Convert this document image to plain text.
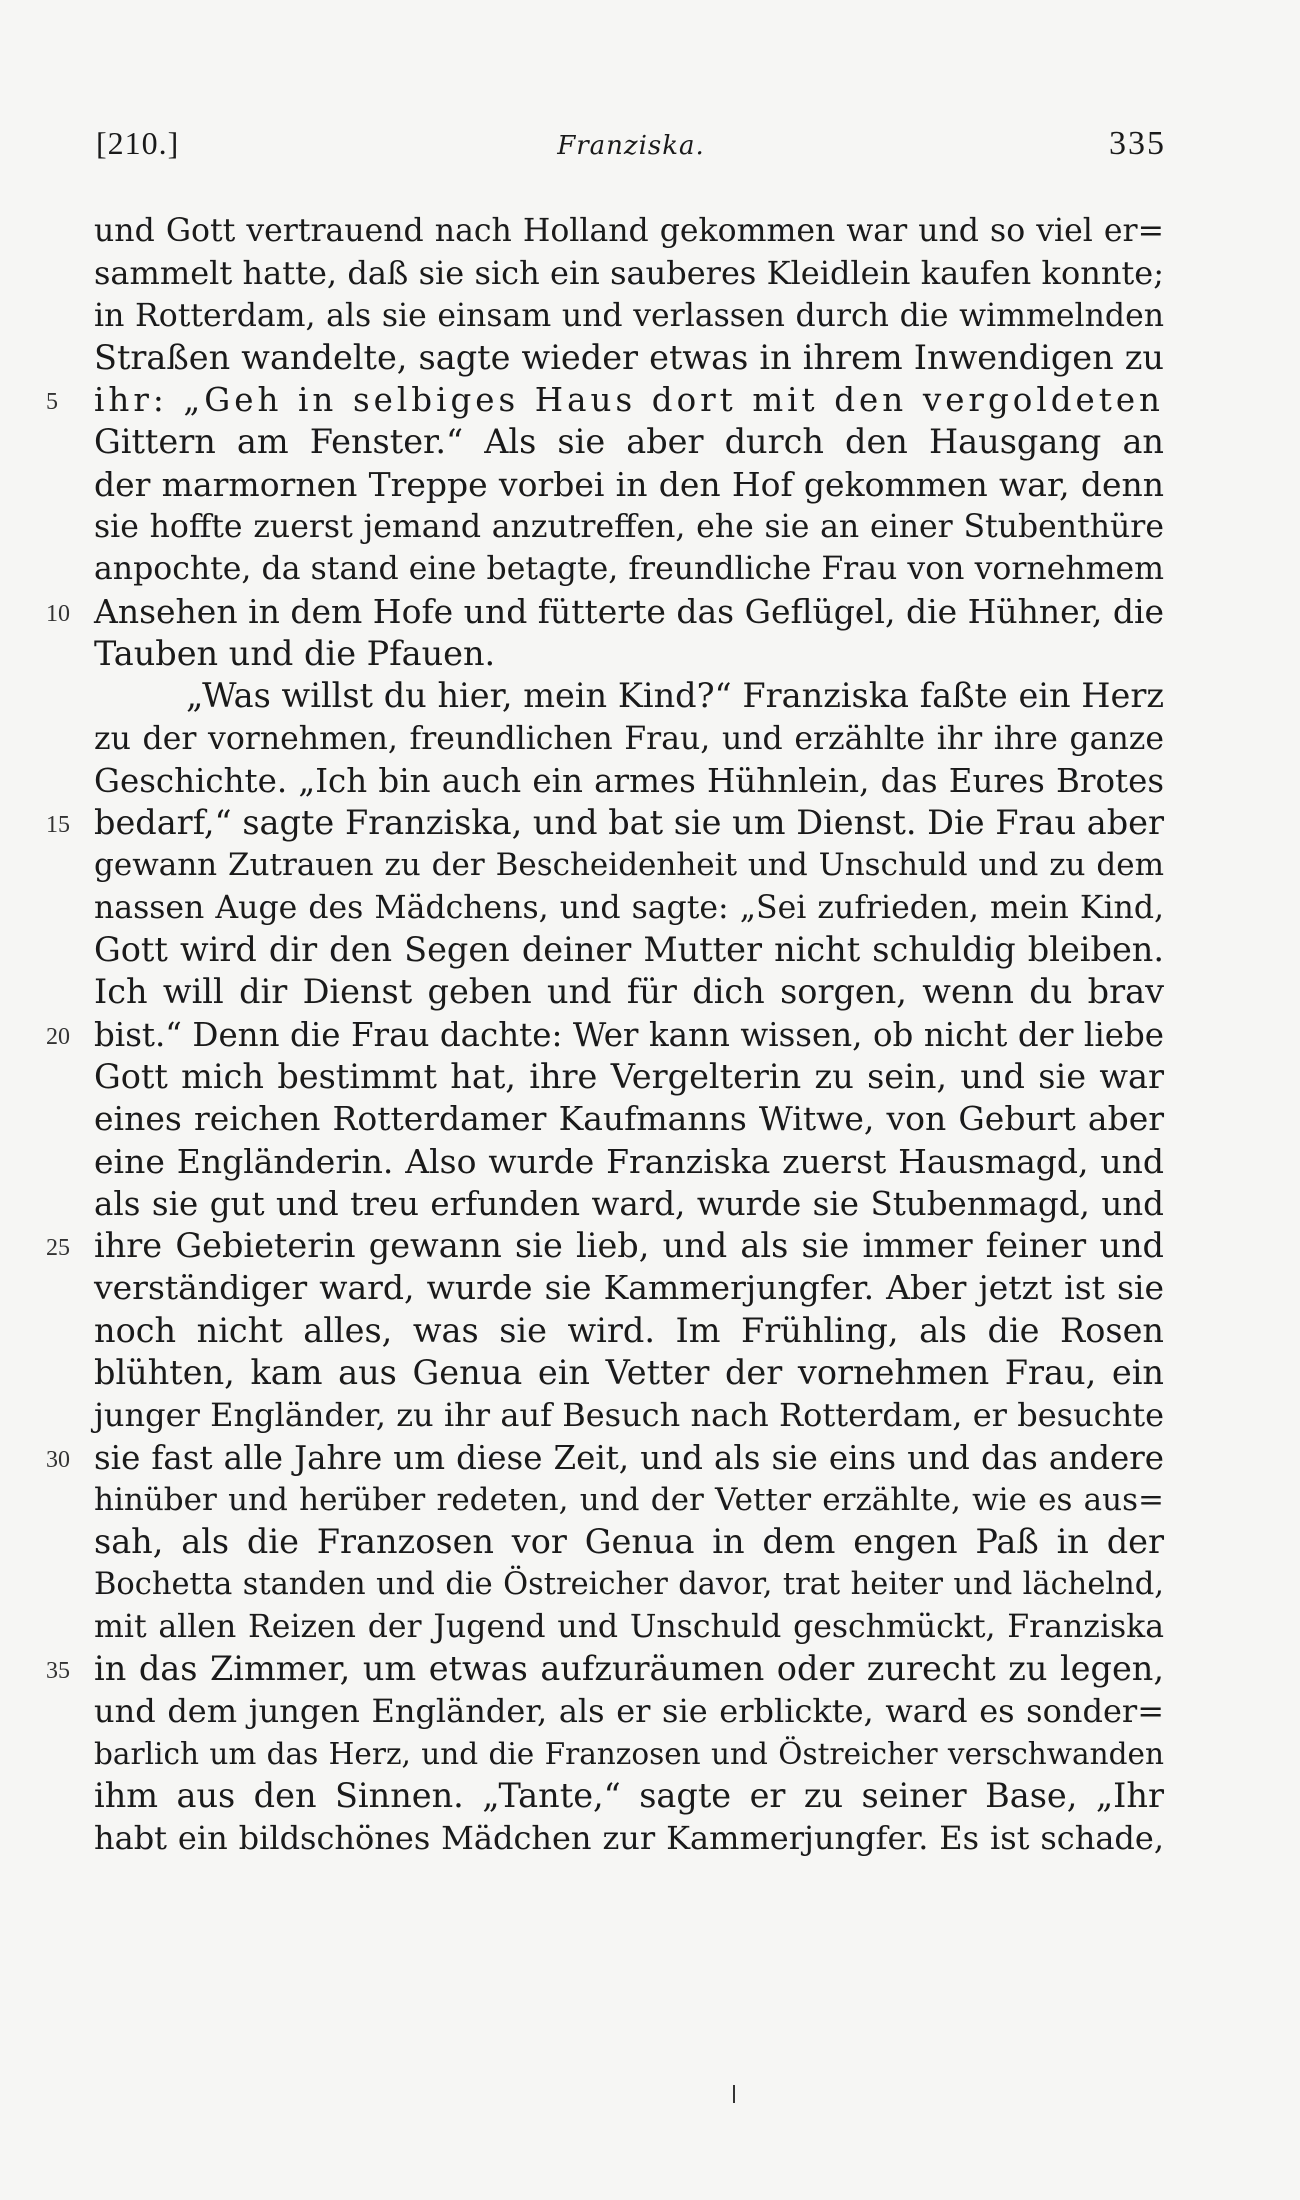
[210.]	Franziska.	335
und Gott vertrauend nach Holland gekommen war und so viel er=
sammelt hatte, daß sie sich ein sauberes Kleidlein kaufen konnte;
in Rotterdam, als sie einsam und verlassen durch die wimmelnden
Straßen wandelte, sagte wieder etwas in ihrem Inwendigen zu
5 ihr: „Geh in selbiges Haus dort mit den vergoldeten
Gittern am Fenster.“ Als sie aber durch den Hausgang an
der marmornen Treppe vorbei in den Hof gekommen war, denn
sie hoffte zuerst jemand anzutreffen, ehe sie an einer Stubenthüre
anpochte, da stand eine betagte, freundliche Frau von vornehmem
10 Ansehen in dem Hofe und fütterte das Geflügel, die Hühner, die
Tauben und die Pfauen.
„Was willst du hier, mein Kind?“ Franziska faßte ein Herz
zu der vornehmen, freundlichen Frau, und erzählte ihr ihre ganze
Geschichte. „Ich bin auch ein armes Hühnlein, das Eures Brotes
15 bedarf,“ sagte Franziska, und bat sie um Dienst. Die Frau aber
gewann Zutrauen zu der Bescheidenheit und Unschuld und zu dem
nassen Auge des Mädchens, und sagte: „Sei zufrieden, mein Kind,
Gott wird dir den Segen deiner Mutter nicht schuldig bleiben.
Ich will dir Dienst geben und für dich sorgen, wenn du brav
20 bist.“ Denn die Frau dachte: Wer kann wissen, ob nicht der liebe
Gott mich bestimmt hat, ihre Vergelterin zu sein, und sie war
eines reichen Rotterdamer Kaufmanns Witwe, von Geburt aber
eine Engländerin. Also wurde Franziska zuerst Hausmagd, und
als sie gut und treu erfunden ward, wurde sie Stubenmagd, und
25 ihre Gebieterin gewann sie lieb, und als sie immer feiner und
verständiger ward, wurde sie Kammerjungfer. Aber jetzt ist sie
noch nicht alles, was sie wird. Im Frühling, als die Rosen
blühten, kam aus Genua ein Vetter der vornehmen Frau, ein
junger Engländer, zu ihr auf Besuch nach Rotterdam, er besuchte
30 sie fast alle Jahre um diese Zeit, und als sie eins und das andere
hinüber und herüber redeten, und der Vetter erzählte, wie es aus=
sah, als die Franzosen vor Genua in dem engen Paß in der
Bochetta standen und die Östreicher davor, trat heiter und lächelnd,
mit allen Reizen der Jugend und Unschuld geschmückt, Franziska
35 in das Zimmer, um etwas aufzuräumen oder zurecht zu legen,
und dem jungen Engländer, als er sie erblickte, ward es sonder=
barlich um das Herz, und die Franzosen und Östreicher verschwanden
ihm aus den Sinnen. „Tante,“ sagte er zu seiner Base, „Ihr
habt ein bildschönes Mädchen zur Kammerjungfer. Es ist schade,
